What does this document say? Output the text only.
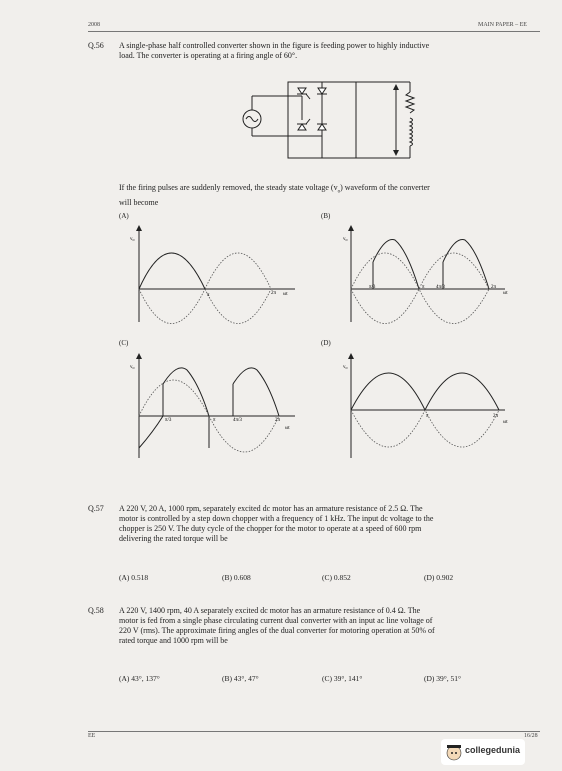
2008	MAIN PAPER – EE
Q.56 A single-phase half controlled converter shown in the figure is feeding power to highly inductive
load. The converter is operating at a firing angle of 60°.
If the firing pulses are suddenly removed, the steady state voltage $(v_o)$ waveform of the converter
will become
(A)	(B)
(C)	(D)
$v_o$
π	2π ωt
$v_o$
π/3	π 4π/3	2π
ωt
$v_o$
π/3	π	4π/3	2π
ωt
$v_o$
π	2π
ωt
Q.57 A 220 V, 20 A, 1000 rpm, separately excited dc motor has an armature resistance of 2.5 Ω. The
motor is controlled by a step down chopper with a frequency of 1 kHz. The input dc voltage to the
chopper is 250 V. The duty cycle of the chopper for the motor to operate at a speed of 600 rpm
delivering the rated torque will be
(A) 0.518	(B) 0.608	(C) 0.852	(D) 0.902
Q.58 A 220 V, 1400 rpm, 40 A separately excited dc motor has an armature resistance of 0.4 Ω. The
motor is fed from a single phase circulating current dual converter with an input ac line voltage of
220 V (rms). The approximate firing angles of the dual converter for motoring operation at 50% of
rated torque and 1000 rpm will be
(A) 43°, 137°	(B) 43°, 47°	(C) 39°, 141°	(D) 39°, 51°
EE	16/28
collegedunia
